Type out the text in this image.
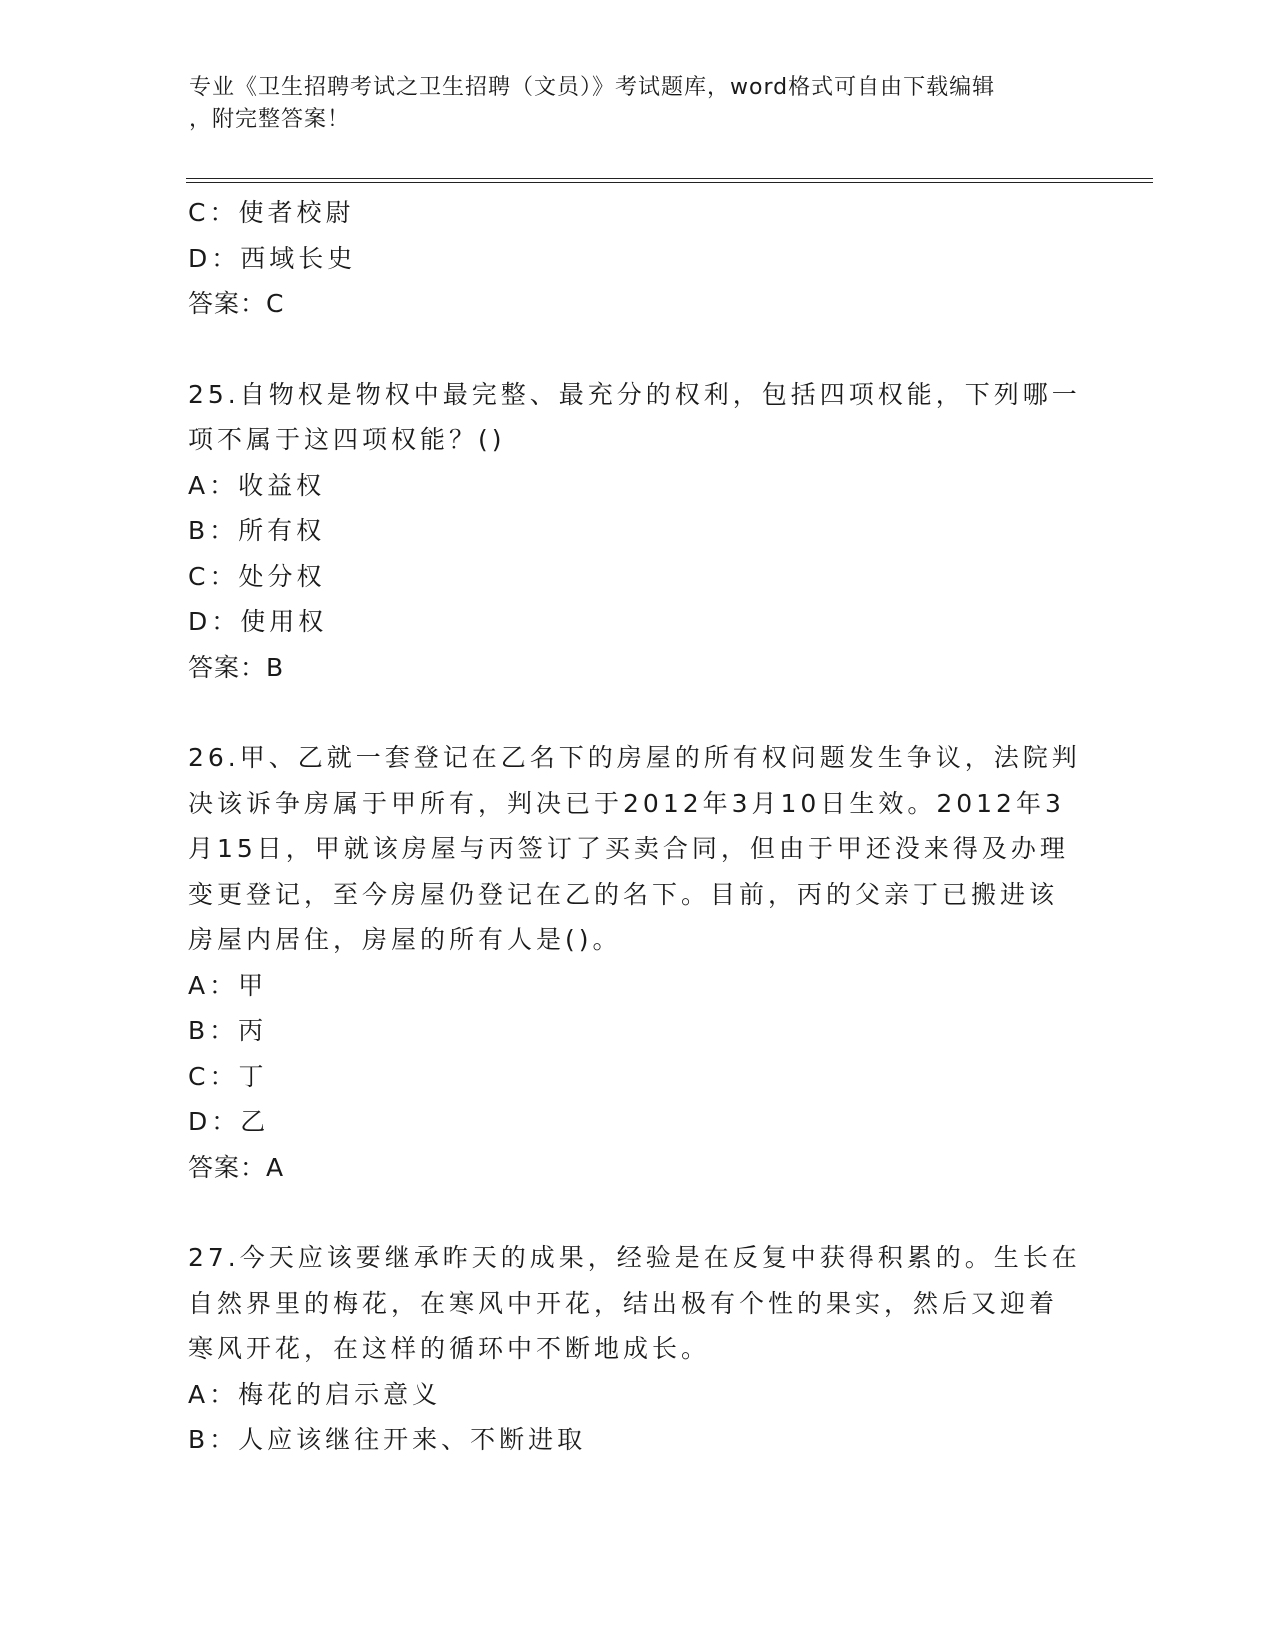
专业《卫生招聘考试之卫生招聘（文员）》考试题库，word格式可自由下载编辑
，附完整答案！
C：使者校尉
D：西域长史
答案：C
25.自物权是物权中最完整、最充分的权利，包括四项权能，下列哪一
项不属于这四项权能？()
A：收益权
B：所有权
C：处分权
D：使用权
答案：B
26.甲、乙就一套登记在乙名下的房屋的所有权问题发生争议，法院判
决该诉争房属于甲所有，判决已于2012年3月10日生效。2012年3
月15日，甲就该房屋与丙签订了买卖合同，但由于甲还没来得及办理
变更登记，至今房屋仍登记在乙的名下。目前，丙的父亲丁已搬进该
房屋内居住，房屋的所有人是()。
A：甲
B：丙
C：丁
D：乙
答案：A
27.今天应该要继承昨天的成果，经验是在反复中获得积累的。生长在
自然界里的梅花，在寒风中开花，结出极有个性的果实，然后又迎着
寒风开花，在这样的循环中不断地成长。
A：梅花的启示意义
B：人应该继往开来、不断进取
